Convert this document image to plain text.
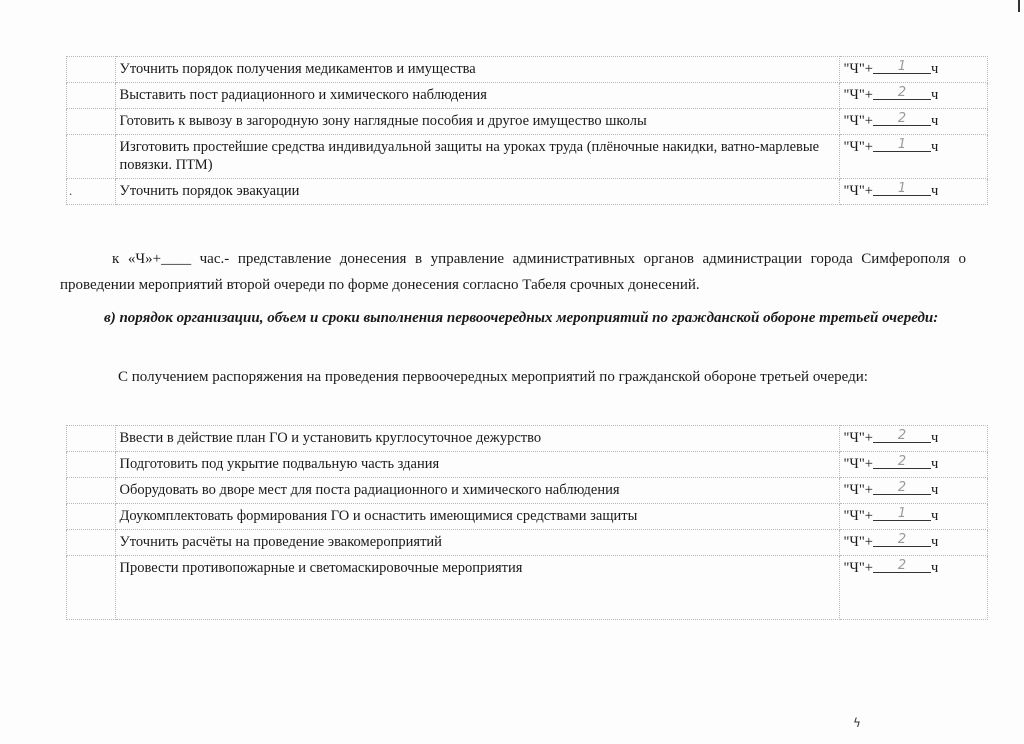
	Уточнить порядок получения медикаментов и имущества	"Ч"+ 1 ч
	Выставить пост радиационного и химического наблюдения	"Ч"+ 2 ч
	Готовить к вывозу в загородную зону наглядные пособия и другое имущество школы	"Ч"+ 2 ч
	Изготовить простейшие средства индивидуальной защиты на уроках труда (плёночные накидки, ватно-марлевые повязки. ПТМ)	"Ч"+ 1 ч
.	Уточнить порядок эвакуации	"Ч"+ 1 ч
к «Ч»+____ час.- представление донесения в управление административных органов администрации города Симферополя о проведении мероприятий второй очереди по форме донесения согласно Табеля срочных донесений.
в) порядок организации, объем и сроки выполнения первоочередных мероприятий по гражданской обороне третьей очереди:
С получением распоряжения на проведения первоочередных мероприятий по гражданской обороне третьей очереди:
	Ввести в действие план ГО и установить круглосуточное дежурство	"Ч"+ 2 ч
	Подготовить под укрытие подвальную часть здания	"Ч"+ 2 ч
	Оборудовать во дворе мест для поста радиационного и химического наблюдения	"Ч"+ 2 ч
	Доукомплектовать формирования ГО и оснастить имеющимися средствами защиты	"Ч"+ 1 ч
	Уточнить расчёты на проведение эвакомероприятий	"Ч"+ 2 ч
	Провести противопожарные и светомаскировочные мероприятия	"Ч"+ 2 ч
ϟ
